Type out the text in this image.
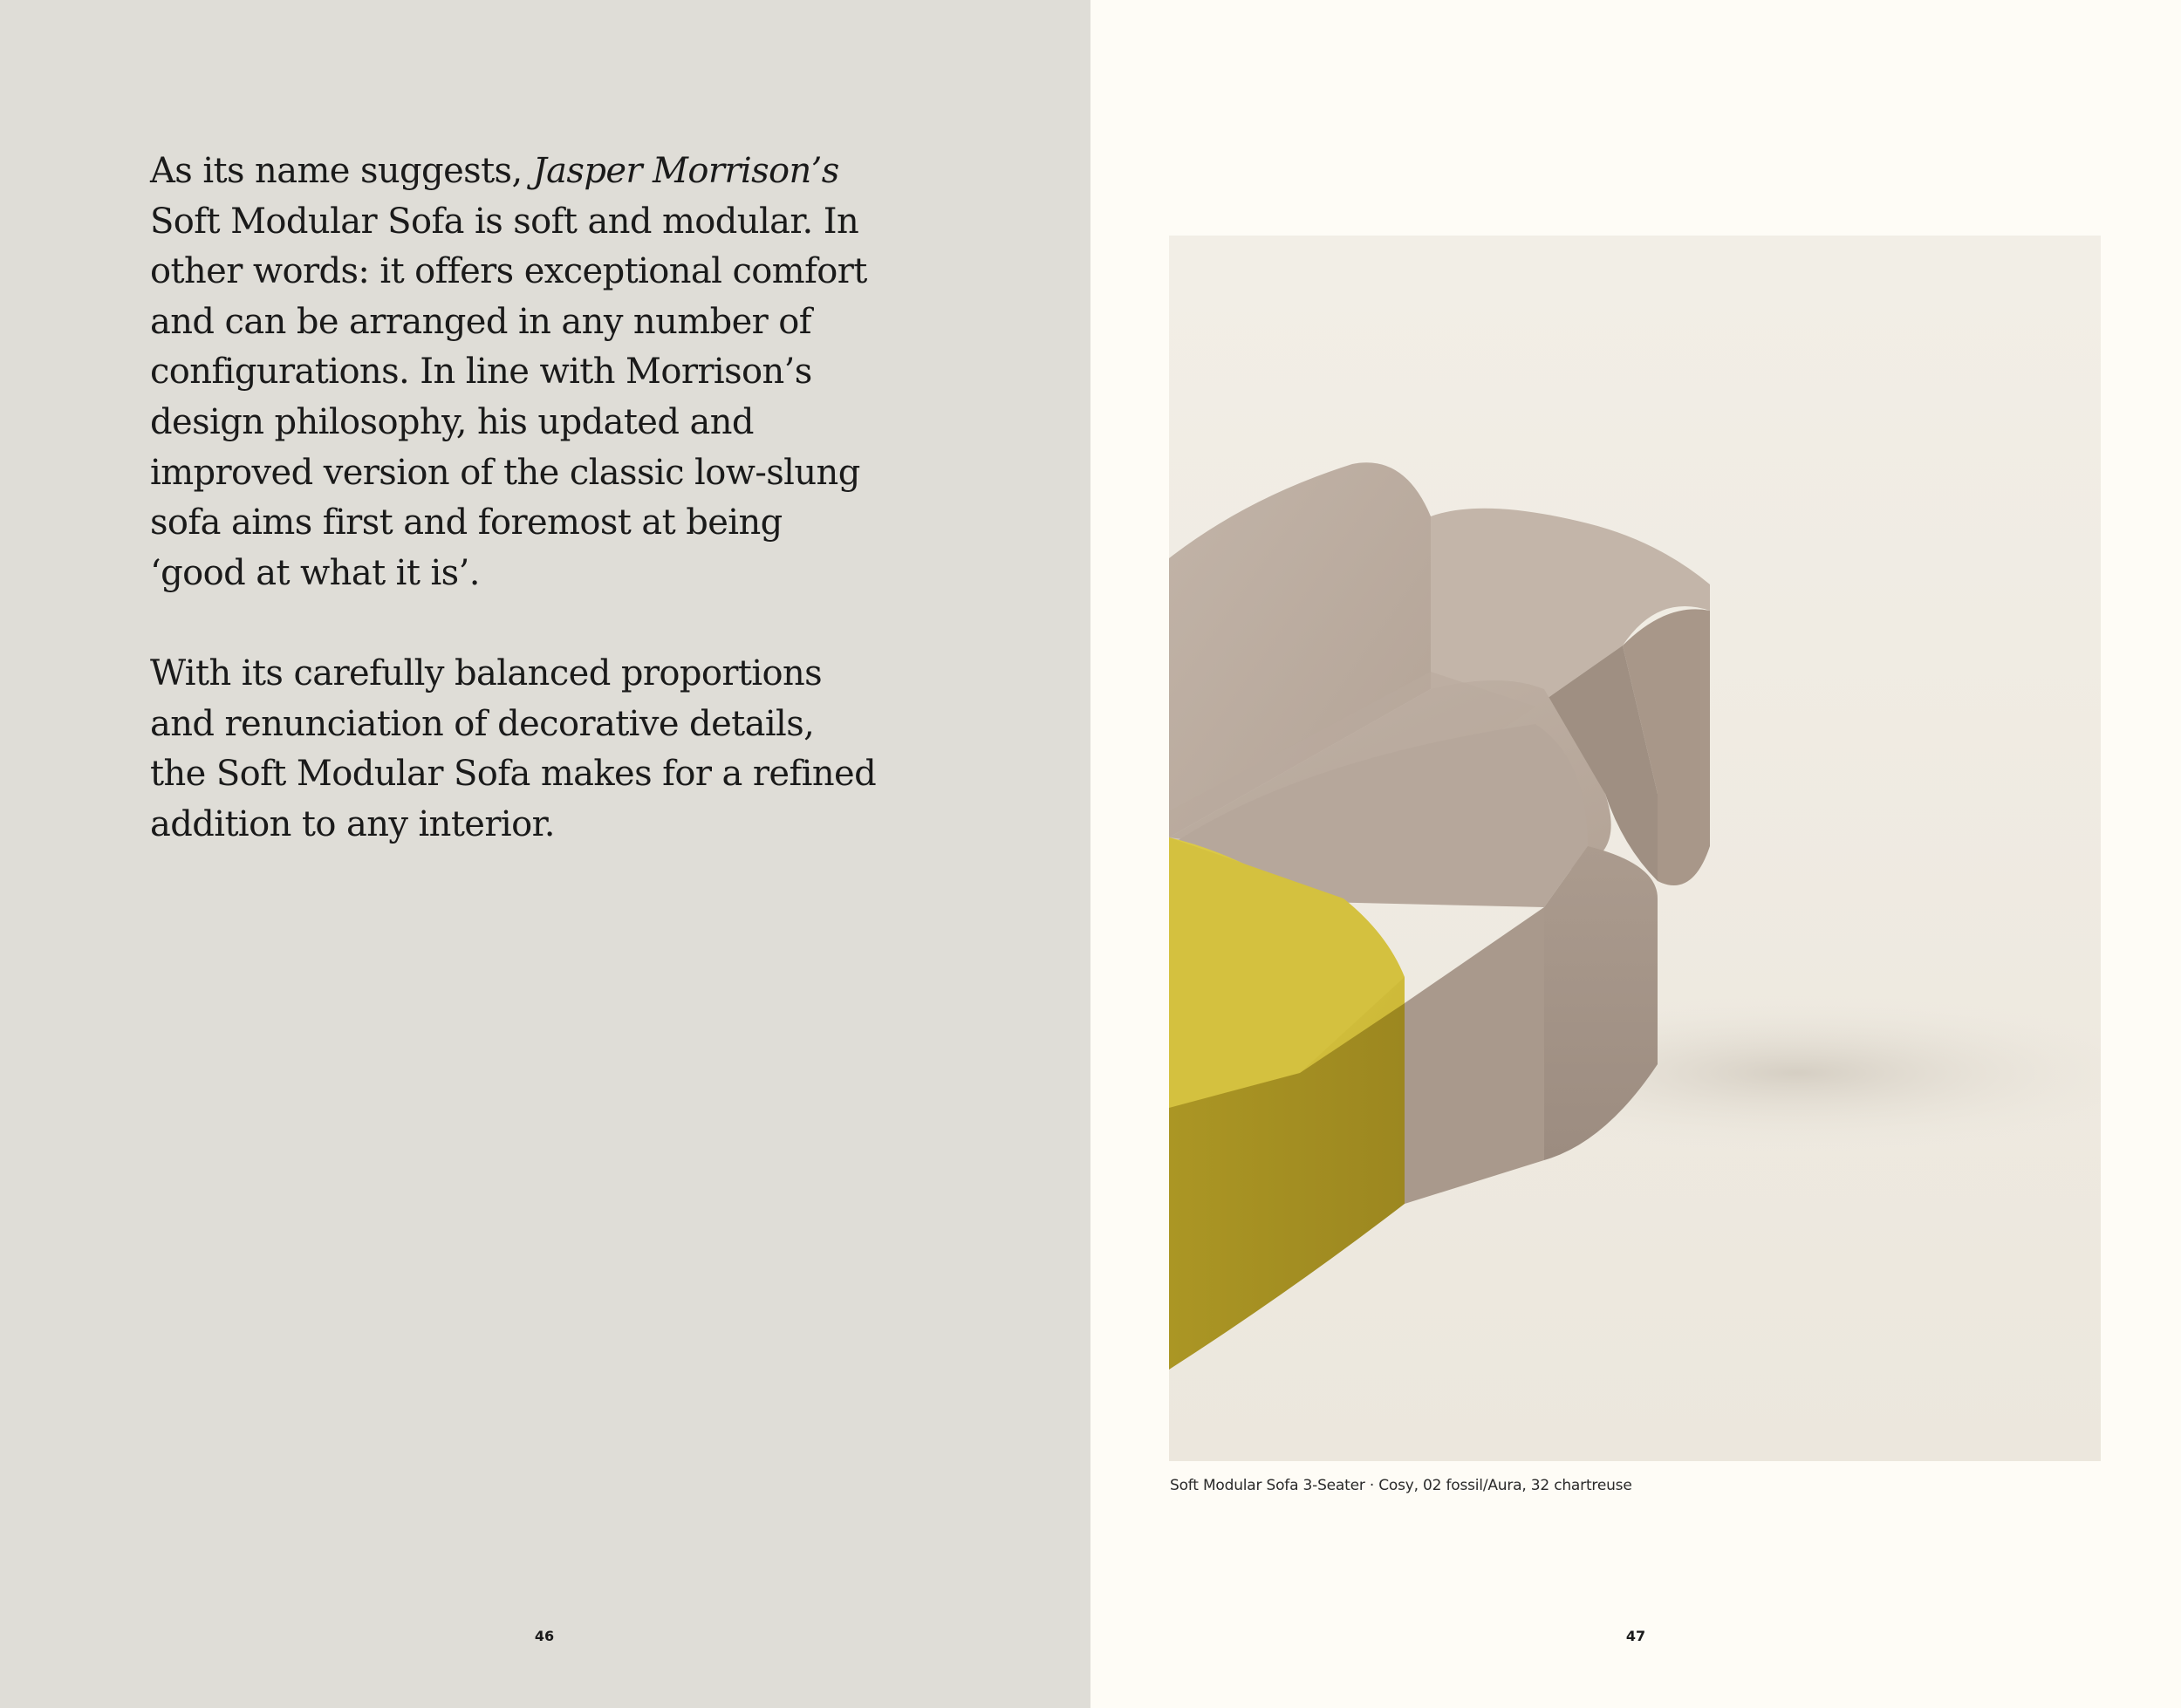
As its name suggests, Jasper Morrison’s
Soft Modular Sofa is soft and modular. In
other words: it offers exceptional comfort
and can be arranged in any number of
configurations. In line with Morrison’s
design philosophy, his updated and
improved version of the classic low-slung
sofa aims first and foremost at being
‘good at what it is’.

With its carefully balanced proportions
and renunciation of decorative details,
the Soft Modular Sofa makes for a refined
addition to any interior.

46
Soft Modular Sofa 3-Seater · Cosy, 02 fossil/Aura, 32 chartreuse
47
